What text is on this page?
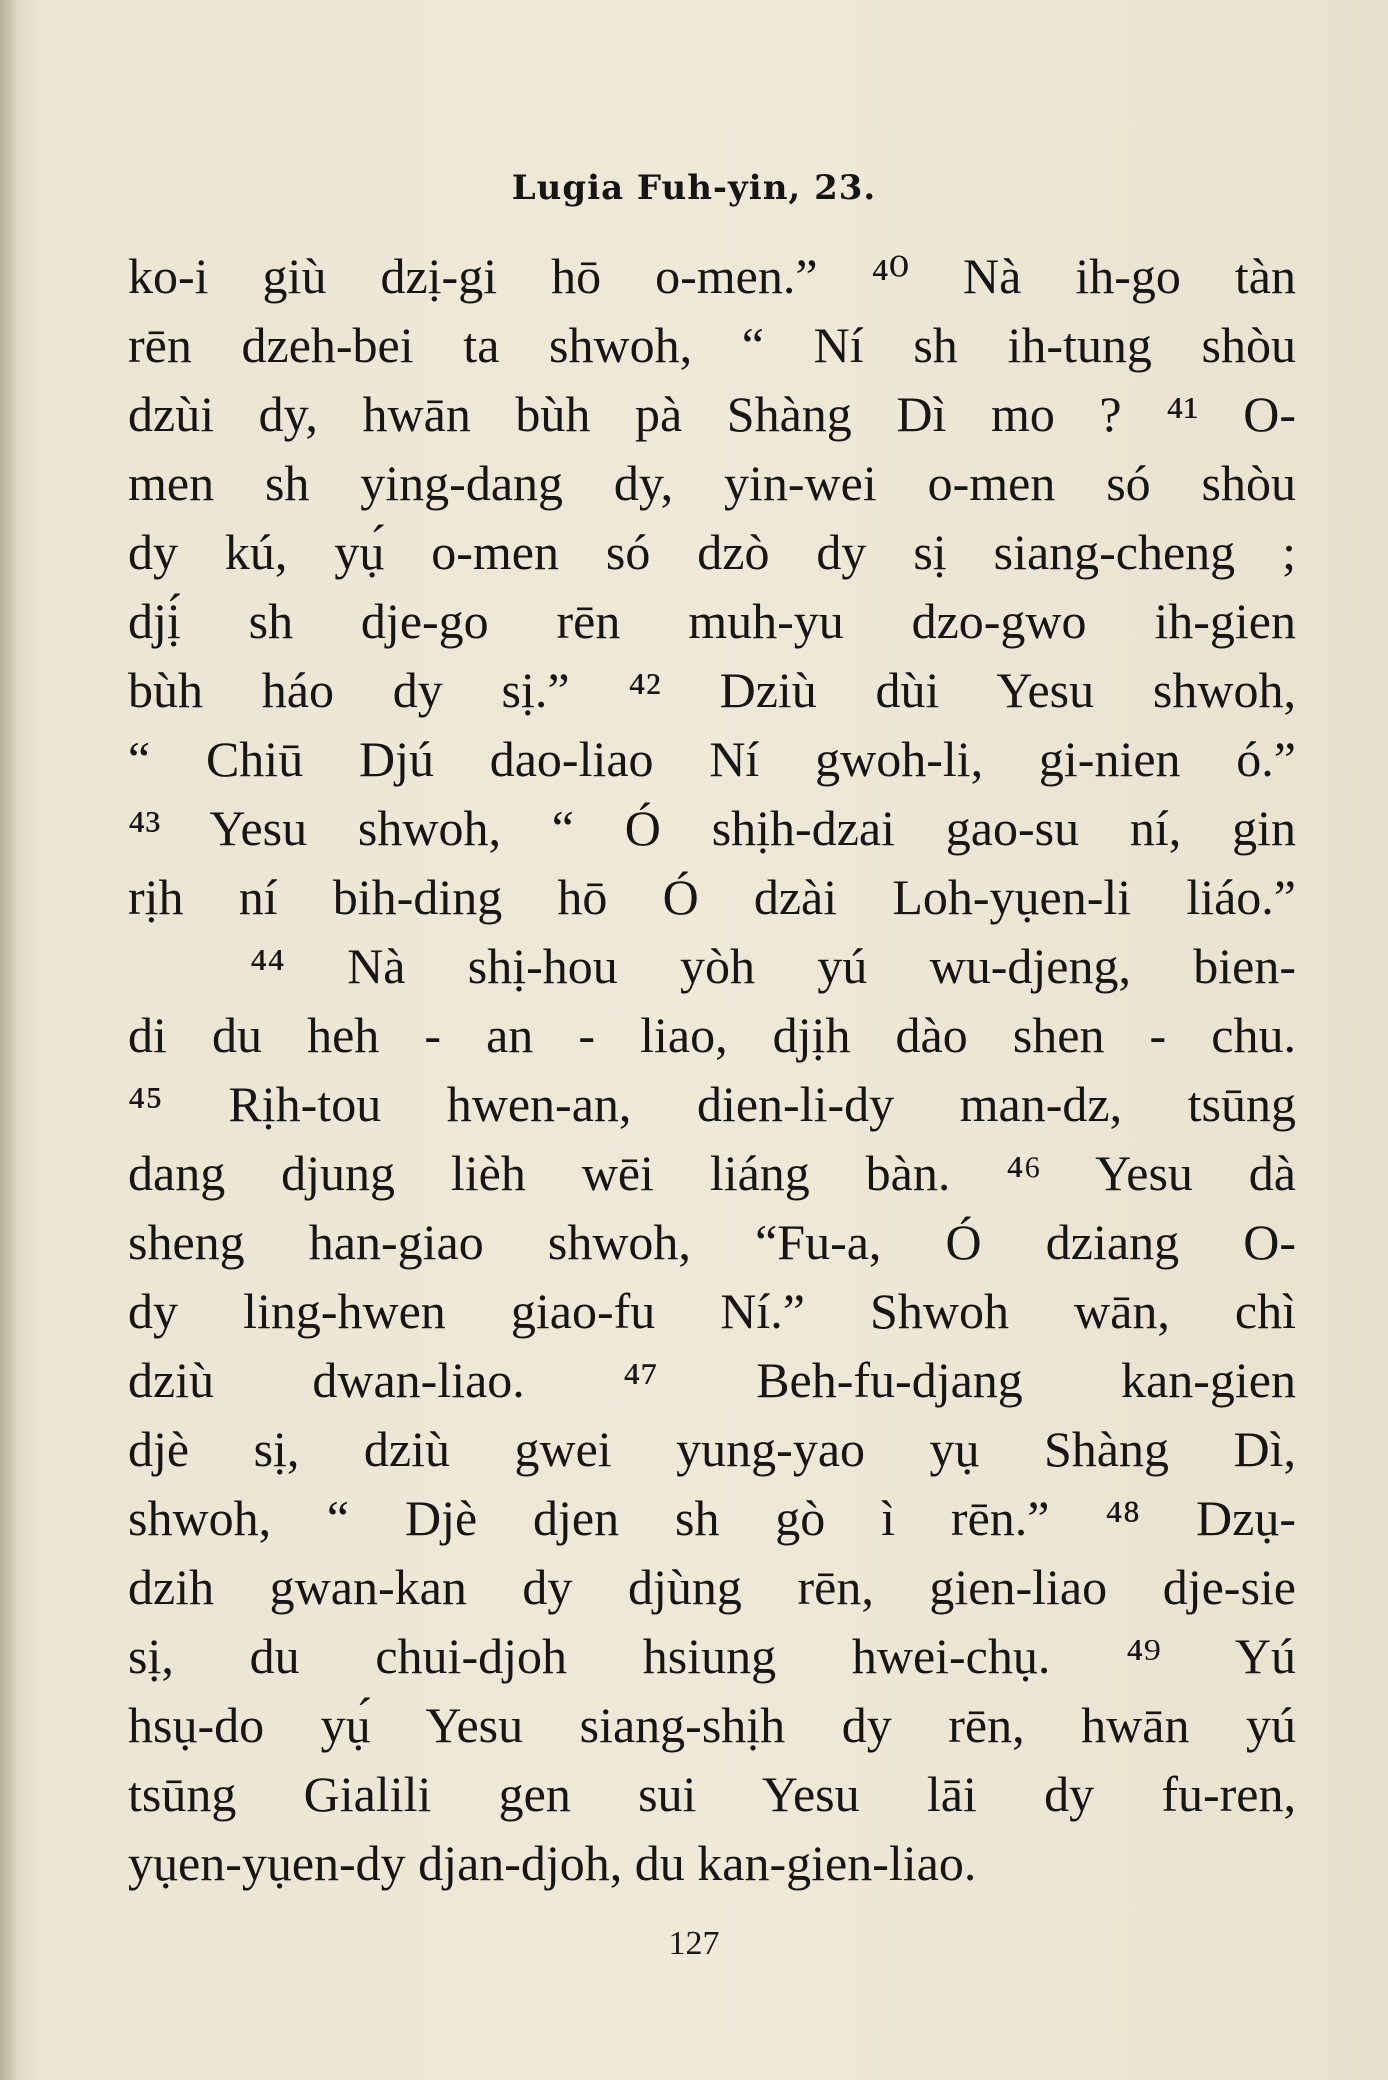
Lugia Fuh-yin, 23.
ko-i giù dzị-gi hō o-men.” ⁴⁰ Nà ih-go tàn
rēn dzeh-bei ta shwoh, “ Ní sh ih-tung shòu
dzùi dy, hwān bùh pà Shàng Dì mo ? ⁴¹ O-
men sh ying-dang dy, yin-wei o-men só shòu
dy kú, yụ́ o-men só dzò dy sị siang-cheng ;
djị́ sh dje-go rēn muh-yu dzo-gwo ih-gien
bùh háo dy sị.” ⁴² Dziù dùi Yesu shwoh,
“ Chiū Djú dao-liao Ní gwoh-li, gi-nien ó.”
⁴³ Yesu shwoh, “ Ó shịh-dzai gao-su ní, gin
rịh ní bih-ding hō Ó dzài Loh-yụen-li liáo.”
⁴⁴ Nà shị-hou yòh yú wu-djeng, bien-
di du heh - an - liao, djịh dào shen - chu.
⁴⁵ Rịh-tou hwen-an, dien-li-dy man-dz, tsūng
dang djung lièh wēi liáng bàn. ⁴⁶ Yesu dà
sheng han-giao shwoh, “Fu-a, Ó dziang O-
dy ling-hwen giao-fu Ní.” Shwoh wān, chì
dziù dwan-liao. ⁴⁷ Beh-fu-djang kan-gien
djè sị, dziù gwei yung-yao yụ Shàng Dì,
shwoh, “ Djè djen sh gò ì rēn.” ⁴⁸ Dzụ-
dzih gwan-kan dy djùng rēn, gien-liao dje-sie
sị, du chui-djoh hsiung hwei-chụ. ⁴⁹ Yú
hsụ-do yụ́ Yesu siang-shịh dy rēn, hwān yú
tsūng Gialili gen sui Yesu lāi dy fu-ren,
yụen-yụen-dy djan-djoh, du kan-gien-liao.
127
